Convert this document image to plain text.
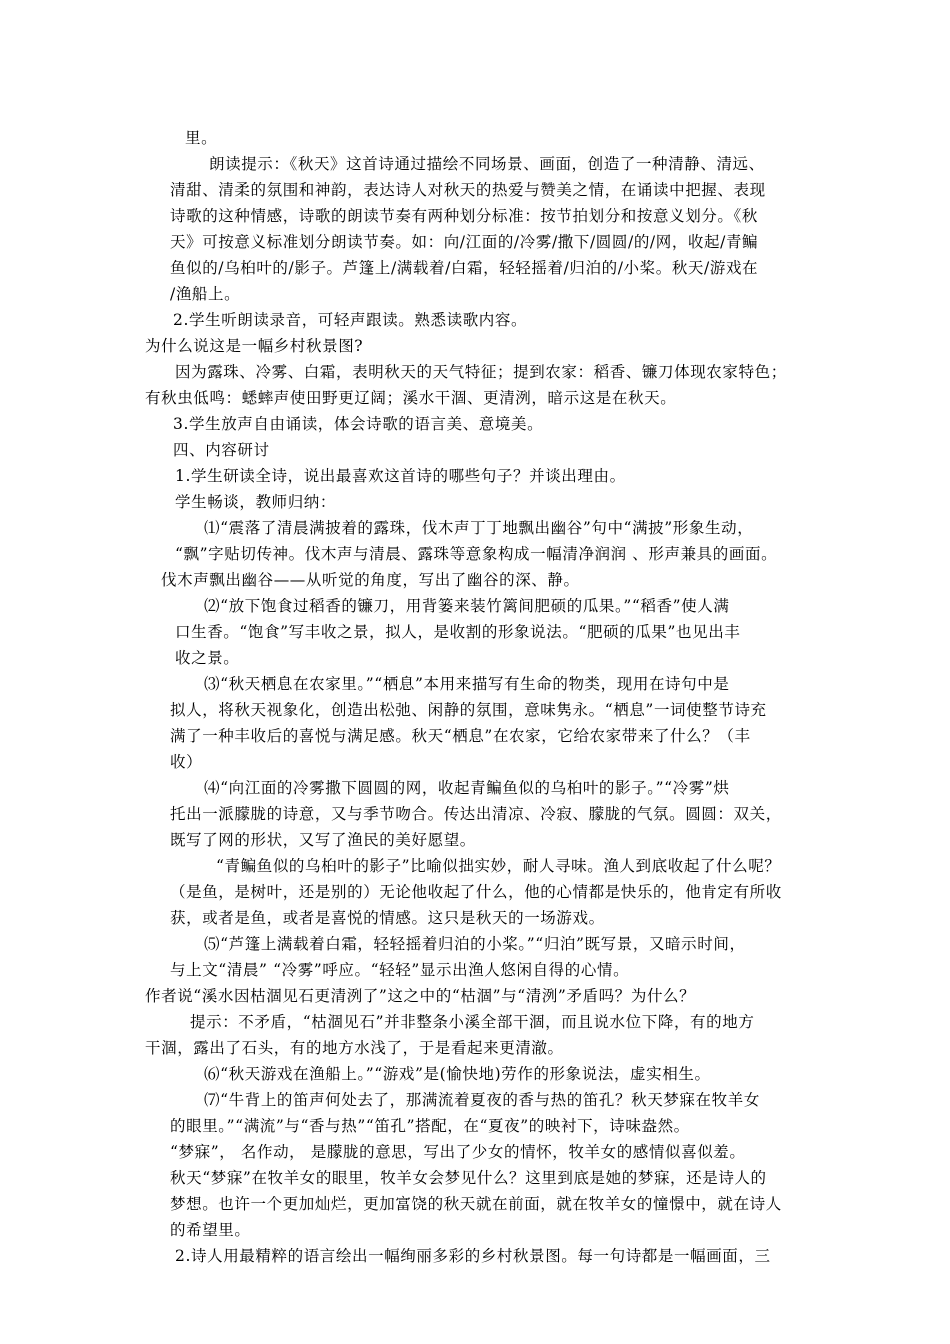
里。
朗读提示：《秋天》这首诗通过描绘不同场景、画面，创造了一种清静、清远、
清甜、清柔的氛围和神韵，表达诗人对秋天的热爱与赞美之情，在诵读中把握、表现
诗歌的这种情感，诗歌的朗读节奏有两种划分标准：按节拍划分和按意义划分。《秋
天》可按意义标准划分朗读节奏。如：向/江面的/冷雾/撒下/圆圆/的/网，收起/青鳊
鱼似的/乌桕叶的/影子。芦篷上/满载着/白霜，轻轻摇着/归泊的/小桨。秋天/游戏在
/渔船上。
2.学生听朗读录音，可轻声跟读。熟悉读歌内容。
为什么说这是一幅乡村秋景图?
因为露珠、冷雾、白霜，表明秋天的天气特征；提到农家：稻香、镰刀体现农家特色；
有秋虫低鸣：蟋蟀声使田野更辽阔；溪水干涸、更清洌，暗示这是在秋天。
3.学生放声自由诵读，体会诗歌的语言美、意境美。
四、内容研讨
1.学生研读全诗，说出最喜欢这首诗的哪些句子？并谈出理由。
学生畅谈，教师归纳：
⑴“震落了清晨满披着的露珠，伐木声丁丁地飘出幽谷”句中“满披”形象生动，
“飘”字贴切传神。伐木声与清晨、露珠等意象构成一幅清净润润 、形声兼具的画面。
伐木声飘出幽谷——从听觉的角度，写出了幽谷的深、静。
⑵“放下饱食过稻香的镰刀，用背篓来装竹篱间肥硕的瓜果。”“稻香”使人满
口生香。“饱食”写丰收之景，拟人，是收割的形象说法。“肥硕的瓜果”也见出丰
收之景。
⑶“秋天栖息在农家里。”“栖息”本用来描写有生命的物类，现用在诗句中是
拟人，将秋天视象化，创造出松弛、闲静的氛围，意味隽永。“栖息”一词使整节诗充
满了一种丰收后的喜悦与满足感。秋天“栖息”在农家，它给农家带来了什么？（丰
收）
⑷“向江面的冷雾撒下圆圆的网，收起青鳊鱼似的乌桕叶的影子。”“冷雾”烘
托出一派朦胧的诗意，又与季节吻合。传达出清凉、冷寂、朦胧的气氛。圆圆：双关，
既写了网的形状，又写了渔民的美好愿望。
“青鳊鱼似的乌桕叶的影子”比喻似拙实妙，耐人寻味。渔人到底收起了什么呢？
（是鱼，是树叶，还是别的）无论他收起了什么，他的心情都是快乐的，他肯定有所收
获，或者是鱼，或者是喜悦的情感。这只是秋天的一场游戏。
⑸“芦篷上满载着白霜，轻轻摇着归泊的小桨。”“归泊”既写景，又暗示时间，
与上文“清晨” “冷雾”呼应。“轻轻”显示出渔人悠闲自得的心情。
作者说“溪水因枯涸见石更清洌了”这之中的“枯涸”与“清洌”矛盾吗？为什么？
提示：不矛盾，“枯涸见石”并非整条小溪全部干涸，而且说水位下降，有的地方
干涸，露出了石头，有的地方水浅了，于是看起来更清澈。
⑹“秋天游戏在渔船上。”“游戏”是(愉快地)劳作的形象说法，虚实相生。
⑺“牛背上的笛声何处去了，那满流着夏夜的香与热的笛孔？秋天梦寐在牧羊女
的眼里。”“满流”与“香与热”“笛孔”搭配，在“夏夜”的映衬下，诗味盎然。
“梦寐”， 名作动， 是朦胧的意思，写出了少女的情怀，牧羊女的感情似喜似羞。
秋天“梦寐”在牧羊女的眼里，牧羊女会梦见什么？这里到底是她的梦寐，还是诗人的
梦想。也许一个更加灿烂，更加富饶的秋天就在前面，就在牧羊女的憧憬中，就在诗人
的希望里。
2.诗人用最精粹的语言绘出一幅绚丽多彩的乡村秋景图。每一句诗都是一幅画面，三
